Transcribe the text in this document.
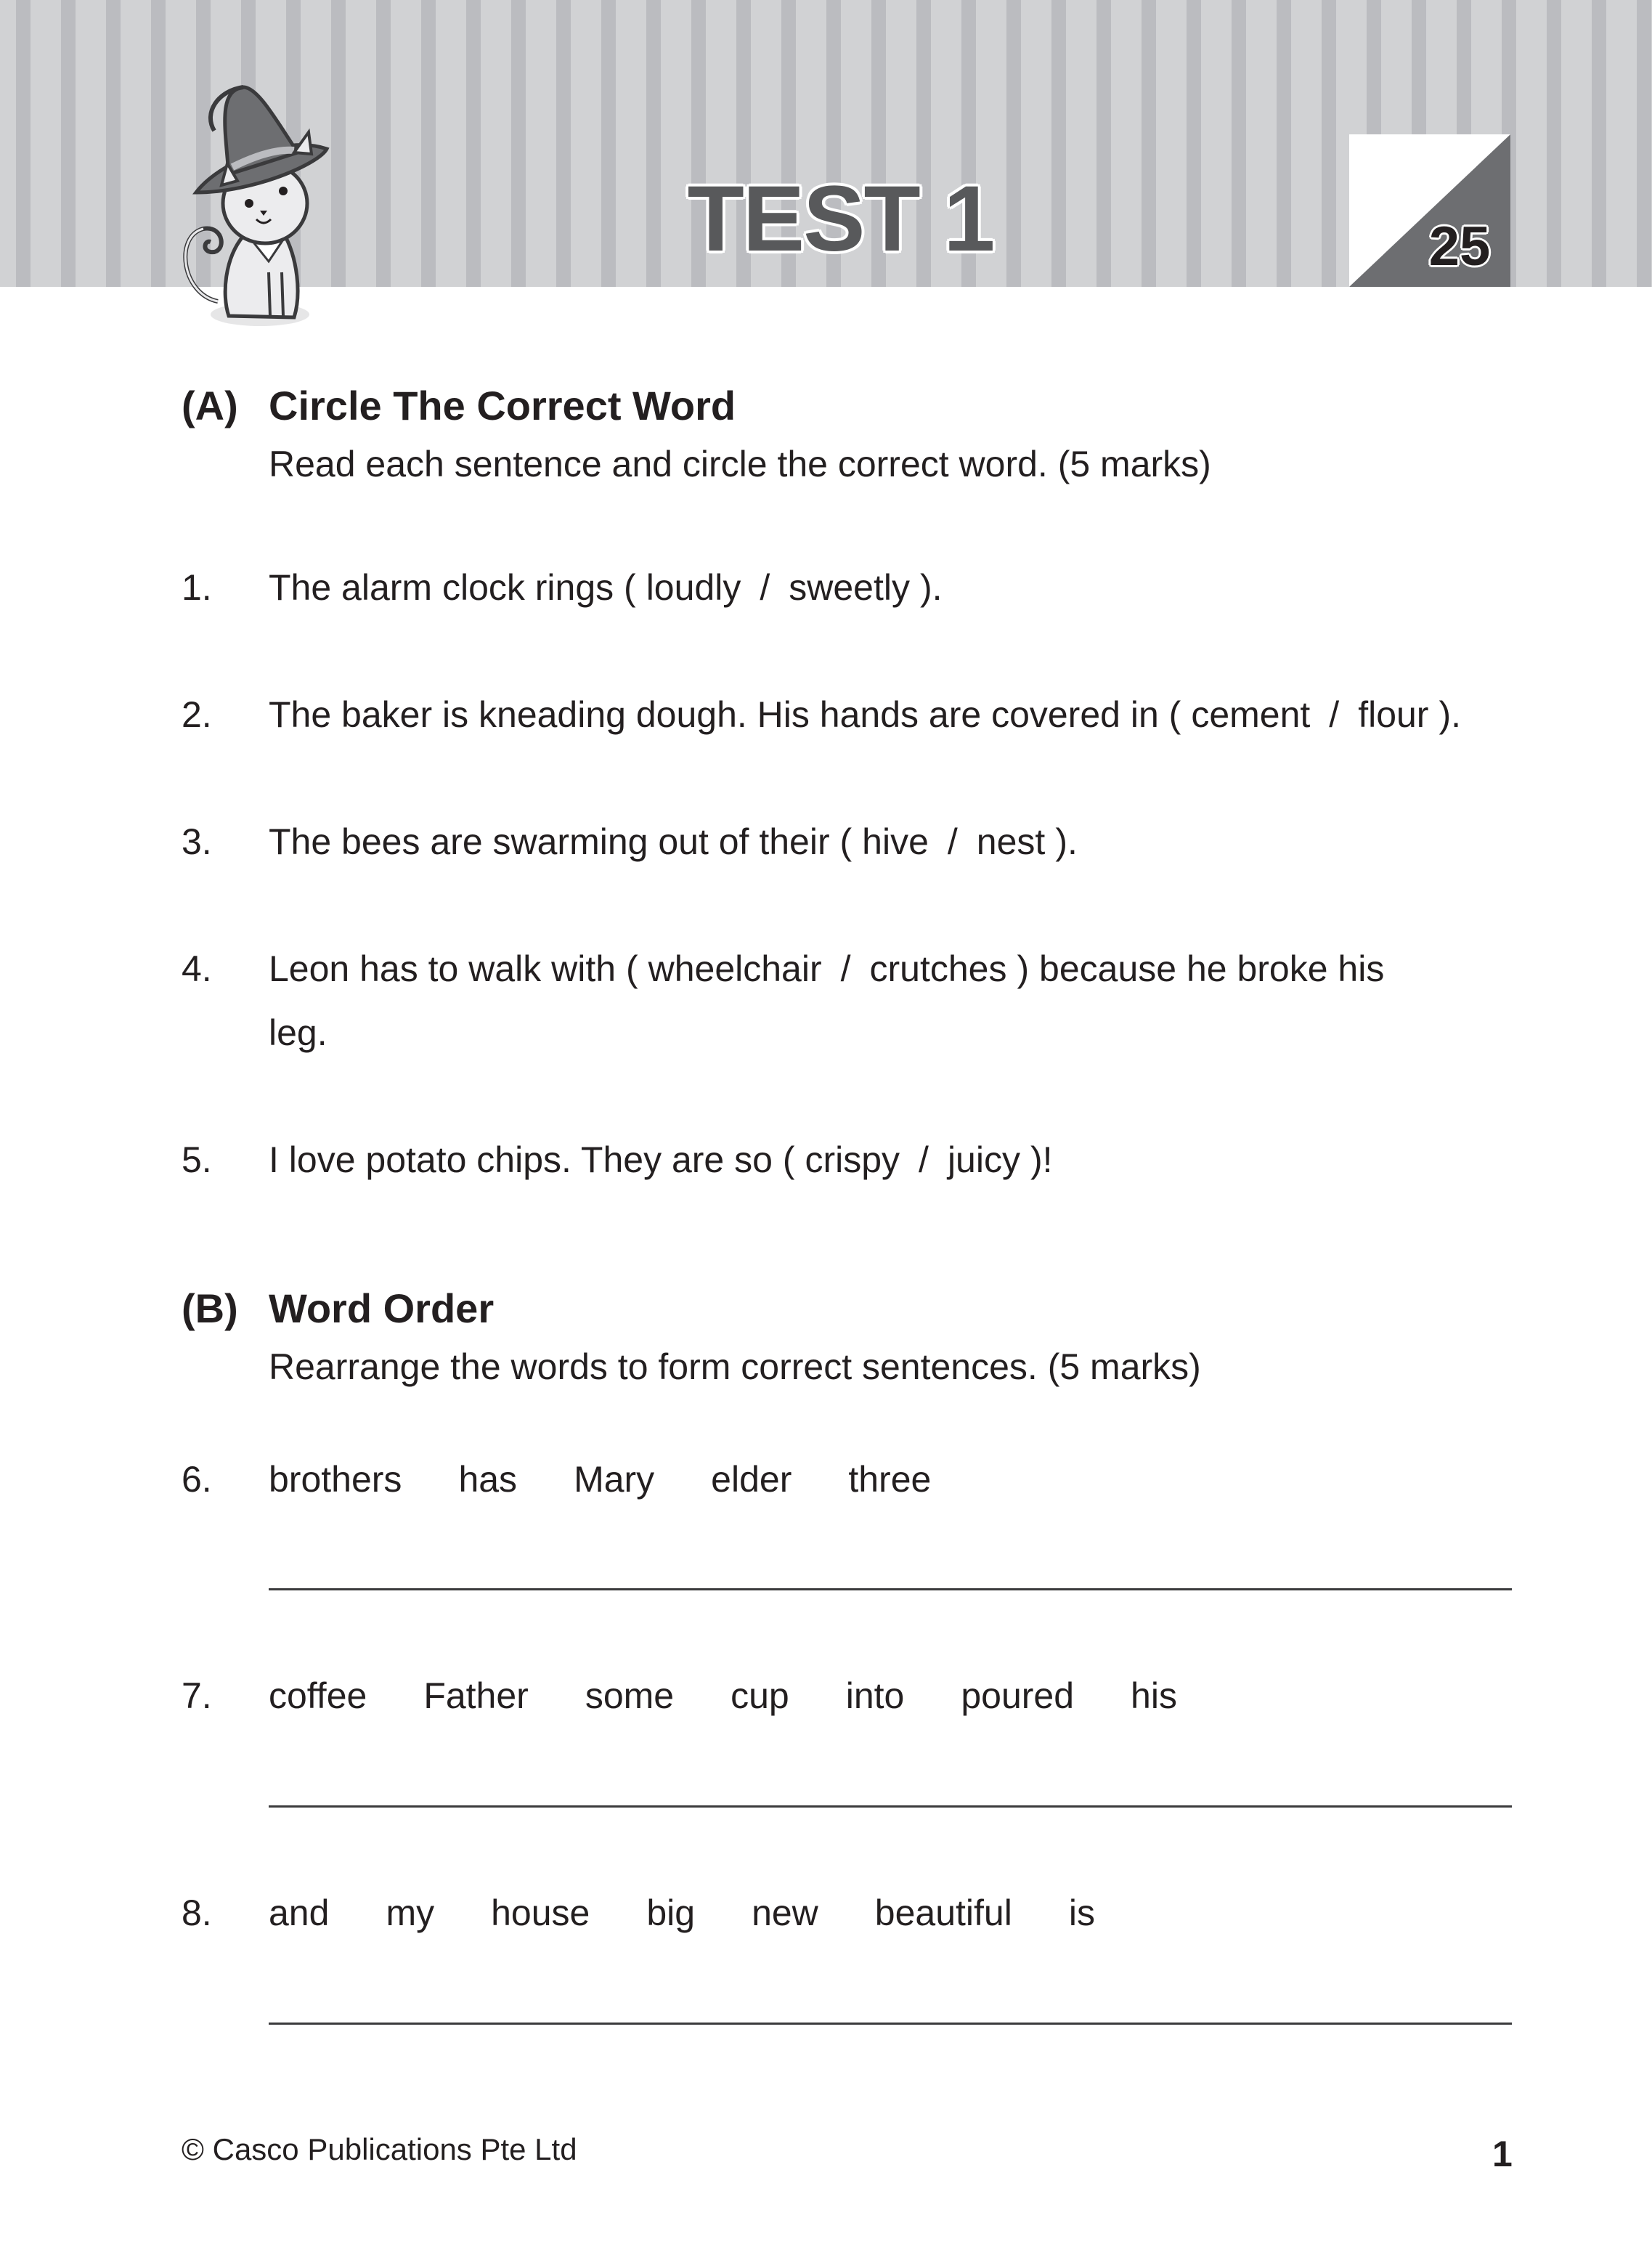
TEST 1	25
(A) Circle The Correct Word
Read each sentence and circle the correct word. (5 marks)
1. The alarm clock rings ( loudly / sweetly ).
2. The baker is kneading dough. His hands are covered in ( cement / flour ).
3. The bees are swarming out of their ( hive / nest ).
4. Leon has to walk with ( wheelchair / crutches ) because he broke his
leg.
5. I love potato chips. They are so ( crispy / juicy )!
(B) Word Order
Rearrange the words to form correct sentences. (5 marks)
6. brothers has Mary elder three
7. coffee Father some cup into poured his
8. and my house big new beautiful is
© Casco Publications Pte Ltd	1
